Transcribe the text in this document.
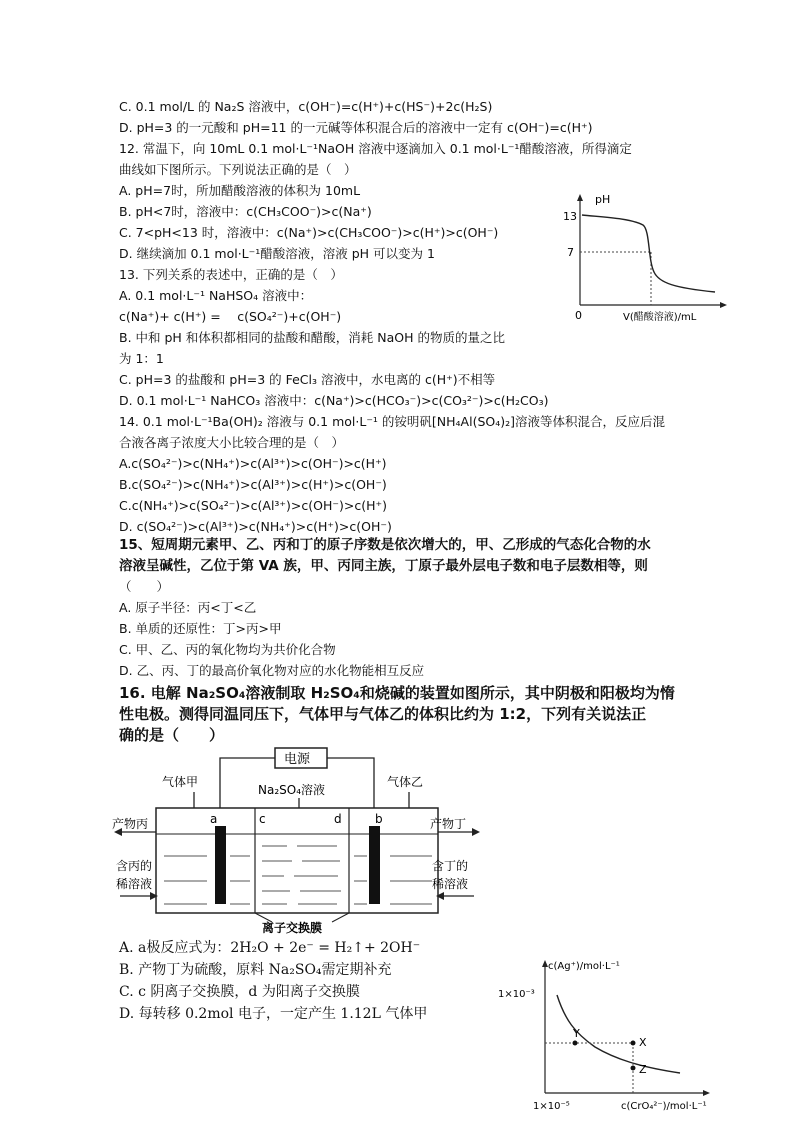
C. 0.1 mol/L 的 Na₂S 溶液中，c(OH⁻)=c(H⁺)+c(HS⁻)+2c(H₂S)
D. pH=3 的一元酸和 pH=11 的一元碱等体积混合后的溶液中一定有 c(OH⁻)=c(H⁺)
12. 常温下，向 10mL 0.1 mol·L⁻¹NaOH 溶液中逐滴加入 0.1 mol·L⁻¹醋酸溶液，所得滴定
曲线如下图所示。下列说法正确的是（　）
A. pH=7时，所加醋酸溶液的体积为 10mL
B. pH<7时，溶液中：c(CH₃COO⁻)>c(Na⁺)
C. 7<pH<13 时，溶液中：c(Na⁺)>c(CH₃COO⁻)>c(H⁺)>c(OH⁻)
D. 继续滴加 0.1 mol·L⁻¹醋酸溶液，溶液 pH 可以变为 1
13. 下列关系的表述中，正确的是（　）
A. 0.1 mol·L⁻¹ NaHSO₄ 溶液中：
c(Na⁺)+ c(H⁺) = 　c(SO₄²⁻)+c(OH⁻)
B. 中和 pH 和体积都相同的盐酸和醋酸，消耗 NaOH 的物质的量之比
为 1：1
C. pH=3 的盐酸和 pH=3 的 FeCl₃ 溶液中，水电离的 c(H⁺)不相等
D. 0.1 mol·L⁻¹ NaHCO₃ 溶液中：c(Na⁺)>c(HCO₃⁻)>c(CO₃²⁻)>c(H₂CO₃)
14. 0.1 mol·L⁻¹Ba(OH)₂ 溶液与 0.1 mol·L⁻¹ 的铵明矾[NH₄Al(SO₄)₂]溶液等体积混合，反应后混
合液各离子浓度大小比较合理的是（　）
A.c(SO₄²⁻)>c(NH₄⁺)>c(Al³⁺)>c(OH⁻)>c(H⁺)
B.c(SO₄²⁻)>c(NH₄⁺)>c(Al³⁺)>c(H⁺)>c(OH⁻)
C.c(NH₄⁺)>c(SO₄²⁻)>c(Al³⁺)>c(OH⁻)>c(H⁺)
D. c(SO₄²⁻)>c(Al³⁺)>c(NH₄⁺)>c(H⁺)>c(OH⁻)
15、短周期元素甲、乙、丙和丁的原子序数是依次增大的，甲、乙形成的气态化合物的水
溶液呈碱性，乙位于第 VA 族，甲、丙同主族，丁原子最外层电子数和电子层数相等，则
（　　）
A. 原子半径：丙<丁<乙
B. 单质的还原性：丁>丙>甲
C. 甲、乙、丙的氧化物均为共价化合物
D. 乙、丙、丁的最高价氧化物对应的水化物能相互反应
16. 电解 Na₂SO₄溶液制取 H₂SO₄和烧碱的装置如图所示，其中阴极和阳极均为惰
性电极。测得同温同压下，气体甲与气体乙的体积比约为 1:2，下列有关说法正
确的是（　　）
A. a极反应式为：2H₂O + 2e⁻ = H₂↑+ 2OH⁻
B. 产物丁为硫酸，原料 Na₂SO₄需定期补充
C. c 阴离子交换膜，d 为阳离子交换膜
D. 每转移 0.2mol 电子，一定产生 1.12L 气体甲
pH
13
7
0	V(醋酸溶液)/mL
电源
Na₂SO₄溶液
气体甲	气体乙
a	b
c	d
产物丙	产物丁
含丙的
稀溶液
含丁的
稀溶液
离子交换膜
c(Ag⁺)/mol·L⁻¹
1×10⁻³
1×10⁻⁵	c(CrO₄²⁻)/mol·L⁻¹
Y
X
Z
